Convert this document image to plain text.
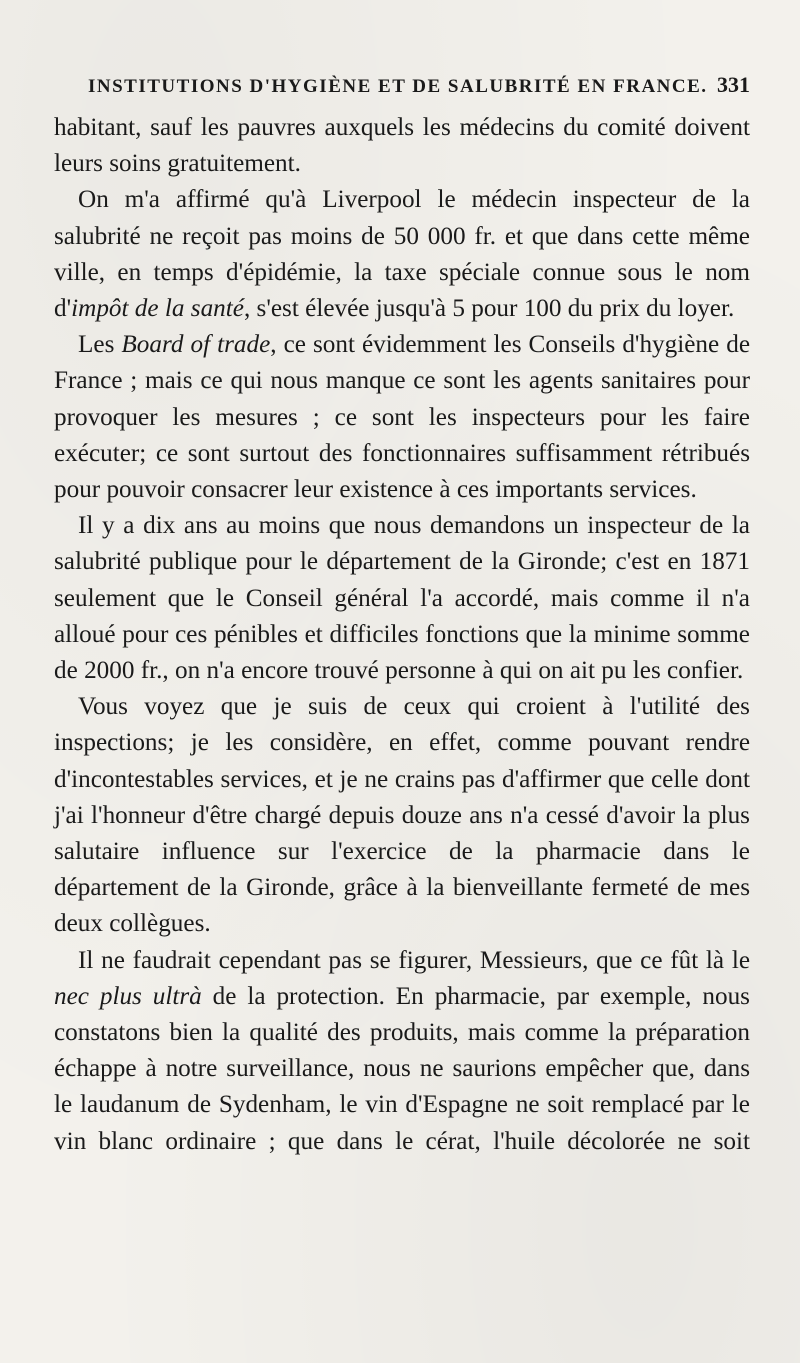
INSTITUTIONS D'HYGIÈNE ET DE SALUBRITÉ EN FRANCE. 331

habitant, sauf les pauvres auxquels les médecins du comité doivent leurs soins gratuitement.

On m'a affirmé qu'à Liverpool le médecin inspecteur de la salubrité ne reçoit pas moins de 50 000 fr. et que dans cette même ville, en temps d'épidémie, la taxe spéciale connue sous le nom d'impôt de la santé, s'est élevée jusqu'à 5 pour 100 du prix du loyer.

Les Board of trade, ce sont évidemment les Conseils d'hygiène de France ; mais ce qui nous manque ce sont les agents sanitaires pour provoquer les mesures ; ce sont les inspecteurs pour les faire exécuter; ce sont surtout des fonctionnaires suffisamment rétribués pour pouvoir consacrer leur existence à ces importants services.

Il y a dix ans au moins que nous demandons un inspecteur de la salubrité publique pour le département de la Gironde; c'est en 1871 seulement que le Conseil général l'a accordé, mais comme il n'a alloué pour ces pénibles et difficiles fonctions que la minime somme de 2000 fr., on n'a encore trouvé personne à qui on ait pu les confier.

Vous voyez que je suis de ceux qui croient à l'utilité des inspections; je les considère, en effet, comme pouvant rendre d'incontestables services, et je ne crains pas d'affirmer que celle dont j'ai l'honneur d'être chargé depuis douze ans n'a cessé d'avoir la plus salutaire influence sur l'exercice de la pharmacie dans le département de la Gironde, grâce à la bienveillante fermeté de mes deux collègues.

Il ne faudrait cependant pas se figurer, Messieurs, que ce fût là le nec plus ultrà de la protection. En pharmacie, par exemple, nous constatons bien la qualité des produits, mais comme la préparation échappe à notre surveillance, nous ne saurions empêcher que, dans le laudanum de Sydenham, le vin d'Espagne ne soit remplacé par le vin blanc ordinaire ; que dans le cérat, l'huile décolorée ne soit
